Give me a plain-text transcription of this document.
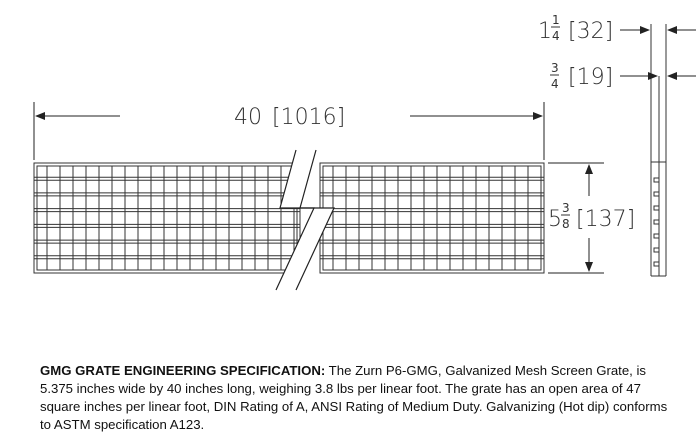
40 [1016]
5 3
8 [137]
1 1
4 [32]
3
4 [19]

GMG GRATE ENGINEERING SPECIFICATION: The Zurn P6-GMG, Galvanized Mesh Screen Grate, is 5.375 inches wide by 40 inches long, weighing 3.8 lbs per linear foot. The grate has an open area of 47 square inches per linear foot, DIN Rating of A, ANSI Rating of Medium Duty. Galvanizing (Hot dip) conforms to ASTM specification A123.
